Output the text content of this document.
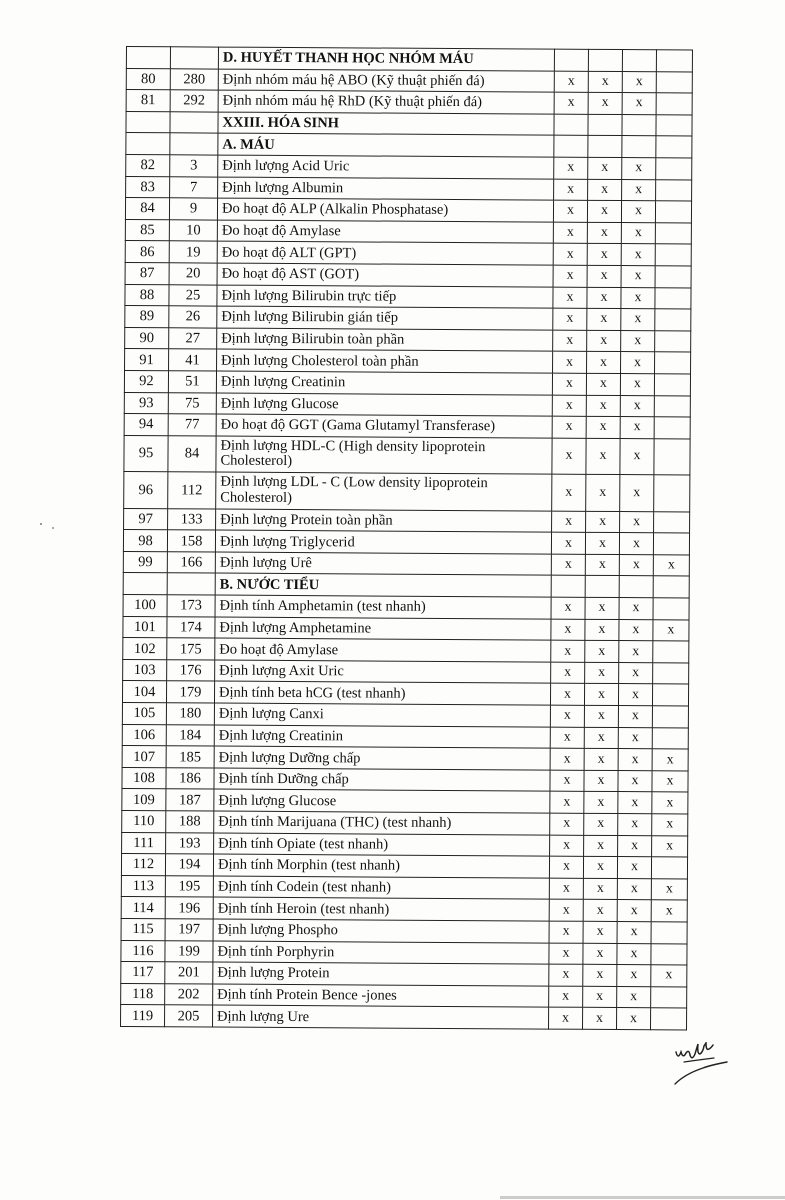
		D. HUYẾT THANH HỌC NHÓM MÁU				
80	280	Định nhóm máu hệ ABO (Kỹ thuật phiến đá)	x	x	x	
81	292	Định nhóm máu hệ RhD (Kỹ thuật phiến đá)	x	x	x	
		XXIII. HÓA SINH				
		A. MÁU				
82	3	Định lượng Acid Uric	x	x	x	
83	7	Định lượng Albumin	x	x	x	
84	9	Đo hoạt độ ALP (Alkalin Phosphatase)	x	x	x	
85	10	Đo hoạt độ Amylase	x	x	x	
86	19	Đo hoạt độ ALT (GPT)	x	x	x	
87	20	Đo hoạt độ AST (GOT)	x	x	x	
88	25	Định lượng Bilirubin trực tiếp	x	x	x	
89	26	Định lượng Bilirubin gián tiếp	x	x	x	
90	27	Định lượng Bilirubin toàn phần	x	x	x	
91	41	Định lượng Cholesterol toàn phần	x	x	x	
92	51	Định lượng Creatinin	x	x	x	
93	75	Định lượng Glucose	x	x	x	
94	77	Đo hoạt độ GGT (Gama Glutamyl Transferase)	x	x	x	
95	84	Định lượng HDL-C (High density lipoprotein Cholesterol)	x	x	x	
96	112	Định lượng LDL - C (Low density lipoprotein Cholesterol)	x	x	x	
97	133	Định lượng Protein toàn phần	x	x	x	
98	158	Định lượng Triglycerid	x	x	x	
99	166	Định lượng Urê	x	x	x	x
		B. NƯỚC TIỂU				
100	173	Định tính Amphetamin (test nhanh)	x	x	x	
101	174	Định lượng Amphetamine	x	x	x	x
102	175	Đo hoạt độ Amylase	x	x	x	
103	176	Định lượng Axit Uric	x	x	x	
104	179	Định tính beta hCG (test nhanh)	x	x	x	
105	180	Định lượng Canxi	x	x	x	
106	184	Định lượng Creatinin	x	x	x	
107	185	Định lượng Dưỡng chấp	x	x	x	x
108	186	Định tính Dưỡng chấp	x	x	x	x
109	187	Định lượng Glucose	x	x	x	x
110	188	Định tính Marijuana (THC) (test nhanh)	x	x	x	x
111	193	Định tính Opiate (test nhanh)	x	x	x	x
112	194	Định tính Morphin (test nhanh)	x	x	x	
113	195	Định tính Codein (test nhanh)	x	x	x	x
114	196	Định tính Heroin (test nhanh)	x	x	x	x
115	197	Định lượng Phospho	x	x	x	
116	199	Định tính Porphyrin	x	x	x	
117	201	Định lượng Protein	x	x	x	x
118	202	Định tính Protein Bence -jones	x	x	x	
119	205	Định lượng Ure	x	x	x	
